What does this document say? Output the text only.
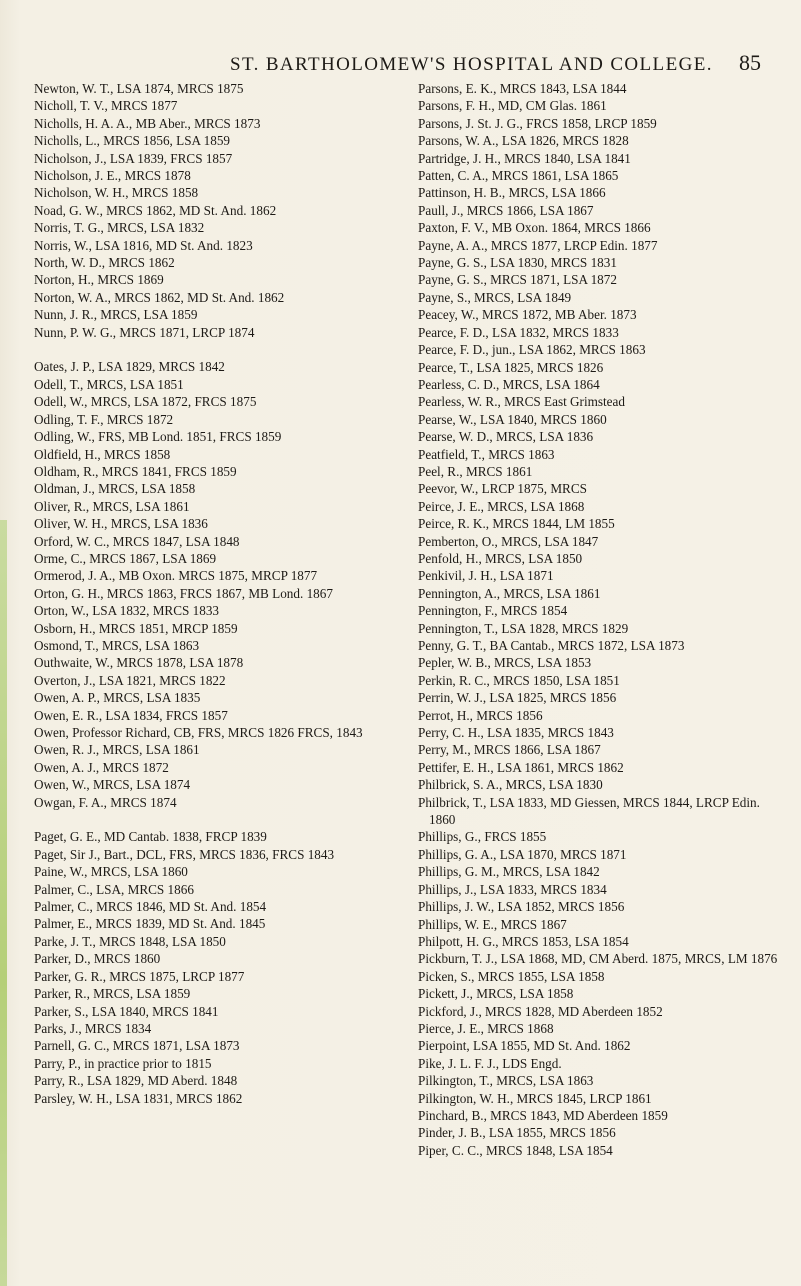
ST. BARTHOLOMEW'S HOSPITAL AND COLLEGE. 85
Newton, W. T., LSA 1874, MRCS 1875
Nicholl, T. V., MRCS 1877
Nicholls, H. A. A., MB Aber., MRCS 1873
Nicholls, L., MRCS 1856, LSA 1859
Nicholson, J., LSA 1839, FRCS 1857
Nicholson, J. E., MRCS 1878
Nicholson, W. H., MRCS 1858
Noad, G. W., MRCS 1862, MD St. And. 1862
Norris, T. G., MRCS, LSA 1832
Norris, W., LSA 1816, MD St. And. 1823
North, W. D., MRCS 1862
Norton, H., MRCS 1869
Norton, W. A., MRCS 1862, MD St. And. 1862
Nunn, J. R., MRCS, LSA 1859
Nunn, P. W. G., MRCS 1871, LRCP 1874
Oates, J. P., LSA 1829, MRCS 1842
Odell, T., MRCS, LSA 1851
Odell, W., MRCS, LSA 1872, FRCS 1875
Odling, T. F., MRCS 1872
Odling, W., FRS, MB Lond. 1851, FRCS 1859
Oldfield, H., MRCS 1858
Oldham, R., MRCS 1841, FRCS 1859
Oldman, J., MRCS, LSA 1858
Oliver, R., MRCS, LSA 1861
Oliver, W. H., MRCS, LSA 1836
Orford, W. C., MRCS 1847, LSA 1848
Orme, C., MRCS 1867, LSA 1869
Ormerod, J. A., MB Oxon. MRCS 1875, MRCP 1877
Orton, G. H., MRCS 1863, FRCS 1867, MB Lond. 1867
Orton, W., LSA 1832, MRCS 1833
Osborn, H., MRCS 1851, MRCP 1859
Osmond, T., MRCS, LSA 1863
Outhwaite, W., MRCS 1878, LSA 1878
Overton, J., LSA 1821, MRCS 1822
Owen, A. P., MRCS, LSA 1835
Owen, E. R., LSA 1834, FRCS 1857
Owen, Professor Richard, CB, FRS, MRCS 1826 FRCS, 1843
Owen, R. J., MRCS, LSA 1861
Owen, A. J., MRCS 1872
Owen, W., MRCS, LSA 1874
Owgan, F. A., MRCS 1874
Paget, G. E., MD Cantab. 1838, FRCP 1839
Paget, Sir J., Bart., DCL, FRS, MRCS 1836, FRCS 1843
Paine, W., MRCS, LSA 1860
Palmer, C., LSA, MRCS 1866
Palmer, C., MRCS 1846, MD St. And. 1854
Palmer, E., MRCS 1839, MD St. And. 1845
Parke, J. T., MRCS 1848, LSA 1850
Parker, D., MRCS 1860
Parker, G. R., MRCS 1875, LRCP 1877
Parker, R., MRCS, LSA 1859
Parker, S., LSA 1840, MRCS 1841
Parks, J., MRCS 1834
Parnell, G. C., MRCS 1871, LSA 1873
Parry, P., in practice prior to 1815
Parry, R., LSA 1829, MD Aberd. 1848
Parsley, W. H., LSA 1831, MRCS 1862
Parsons, E. K., MRCS 1843, LSA 1844
Parsons, F. H., MD, CM Glas. 1861
Parsons, J. St. J. G., FRCS 1858, LRCP 1859
Parsons, W. A., LSA 1826, MRCS 1828
Partridge, J. H., MRCS 1840, LSA 1841
Patten, C. A., MRCS 1861, LSA 1865
Pattinson, H. B., MRCS, LSA 1866
Paull, J., MRCS 1866, LSA 1867
Paxton, F. V., MB Oxon. 1864, MRCS 1866
Payne, A. A., MRCS 1877, LRCP Edin. 1877
Payne, G. S., LSA 1830, MRCS 1831
Payne, G. S., MRCS 1871, LSA 1872
Payne, S., MRCS, LSA 1849
Peacey, W., MRCS 1872, MB Aber. 1873
Pearce, F. D., LSA 1832, MRCS 1833
Pearce, F. D., jun., LSA 1862, MRCS 1863
Pearce, T., LSA 1825, MRCS 1826
Pearless, C. D., MRCS, LSA 1864
Pearless, W. R., MRCS East Grimstead
Pearse, W., LSA 1840, MRCS 1860
Pearse, W. D., MRCS, LSA 1836
Peatfield, T., MRCS 1863
Peel, R., MRCS 1861
Peevor, W., LRCP 1875, MRCS
Peirce, J. E., MRCS, LSA 1868
Peirce, R. K., MRCS 1844, LM 1855
Pemberton, O., MRCS, LSA 1847
Penfold, H., MRCS, LSA 1850
Penkivil, J. H., LSA 1871
Pennington, A., MRCS, LSA 1861
Pennington, F., MRCS 1854
Pennington, T., LSA 1828, MRCS 1829
Penny, G. T., BA Cantab., MRCS 1872, LSA 1873
Pepler, W. B., MRCS, LSA 1853
Perkin, R. C., MRCS 1850, LSA 1851
Perrin, W. J., LSA 1825, MRCS 1856
Perrot, H., MRCS 1856
Perry, C. H., LSA 1835, MRCS 1843
Perry, M., MRCS 1866, LSA 1867
Pettifer, E. H., LSA 1861, MRCS 1862
Philbrick, S. A., MRCS, LSA 1830
Philbrick, T., LSA 1833, MD Giessen, MRCS 1844, LRCP Edin. 1860
Phillips, G., FRCS 1855
Phillips, G. A., LSA 1870, MRCS 1871
Phillips, G. M., MRCS, LSA 1842
Phillips, J., LSA 1833, MRCS 1834
Phillips, J. W., LSA 1852, MRCS 1856
Phillips, W. E., MRCS 1867
Philpott, H. G., MRCS 1853, LSA 1854
Pickburn, T. J., LSA 1868, MD, CM Aberd. 1875, MRCS, LM 1876
Picken, S., MRCS 1855, LSA 1858
Pickett, J., MRCS, LSA 1858
Pickford, J., MRCS 1828, MD Aberdeen 1852
Pierce, J. E., MRCS 1868
Pierpoint, LSA 1855, MD St. And. 1862
Pike, J. L. F. J., LDS Engd.
Pilkington, T., MRCS, LSA 1863
Pilkington, W. H., MRCS 1845, LRCP 1861
Pinchard, B., MRCS 1843, MD Aberdeen 1859
Pinder, J. B., LSA 1855, MRCS 1856
Piper, C. C., MRCS 1848, LSA 1854
